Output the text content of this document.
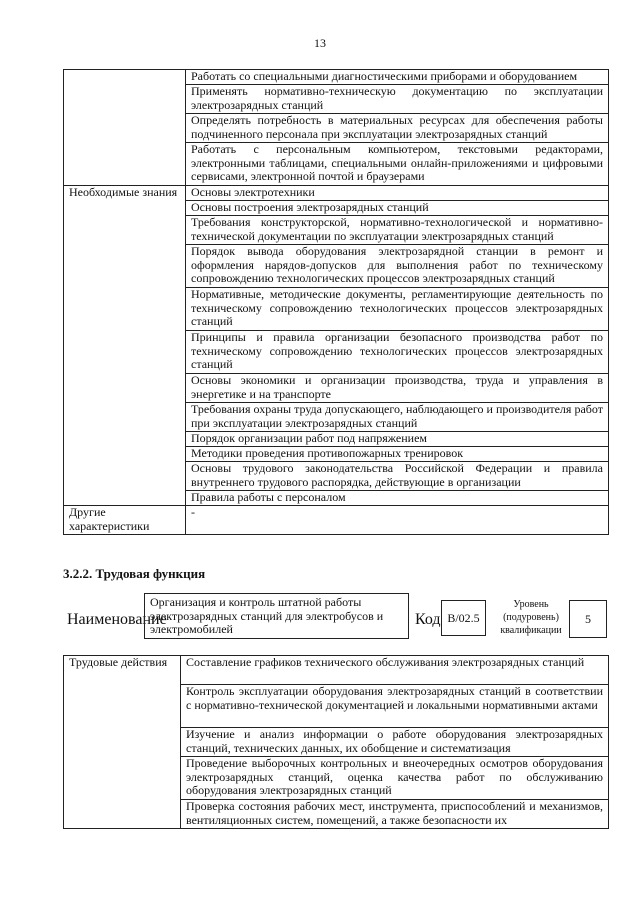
13
	Работать со специальными диагностическими приборами и оборудованием
	Применять нормативно-техническую документацию по эксплуатации электрозарядных станций
	Определять потребность в материальных ресурсах для обеспечения работы подчиненного персонала при эксплуатации электрозарядных станций
	Работать с персональным компьютером, текстовыми редакторами, электронными таблицами, специальными онлайн-приложениями и цифровыми сервисами, электронной почтой и браузерами
Необходимые знания	Основы электротехники
	Основы построения электрозарядных станций
	Требования конструкторской, нормативно-технологической и нормативно-технической документации по эксплуатации электрозарядных станций
	Порядок вывода оборудования электрозарядной станции в ремонт и оформления нарядов-допусков для выполнения работ по техническому сопровождению технологических процессов электрозарядных станций
	Нормативные, методические документы, регламентирующие деятельность по техническому сопровождению технологических процессов электрозарядных станций
	Принципы и правила организации безопасного производства работ по техническому сопровождению технологических процессов электрозарядных станций
	Основы экономики и организации производства, труда и управления в энергетике и на транспорте
	Требования охраны труда допускающего, наблюдающего и производителя работ при эксплуатации электрозарядных станций
	Порядок организации работ под напряжением
	Методики проведения противопожарных тренировок
	Основы трудового законодательства Российской Федерации и правила внутреннего трудового распорядка, действующие в организации
	Правила работы с персоналом
Другие характеристики	-
3.2.2. Трудовая функция
Наименование
Организация и контроль штатной работы электрозарядных станций для электробусов и электромобилей
Код B/02.5
Уровень (подуровень) квалификации
5
Трудовые действия	Составление графиков технического обслуживания электрозарядных станций
Контроль эксплуатации оборудования электрозарядных станций в соответствии с нормативно-технической документацией и локальными нормативными актами
Изучение и анализ информации о работе оборудования электрозарядных станций, технических данных, их обобщение и систематизация
Проведение выборочных контрольных и внеочередных осмотров оборудования электрозарядных станций, оценка качества работ по обслуживанию оборудования электрозарядных станций
Проверка состояния рабочих мест, инструмента, приспособлений и механизмов, вентиляционных систем, помещений, а также безопасности их
